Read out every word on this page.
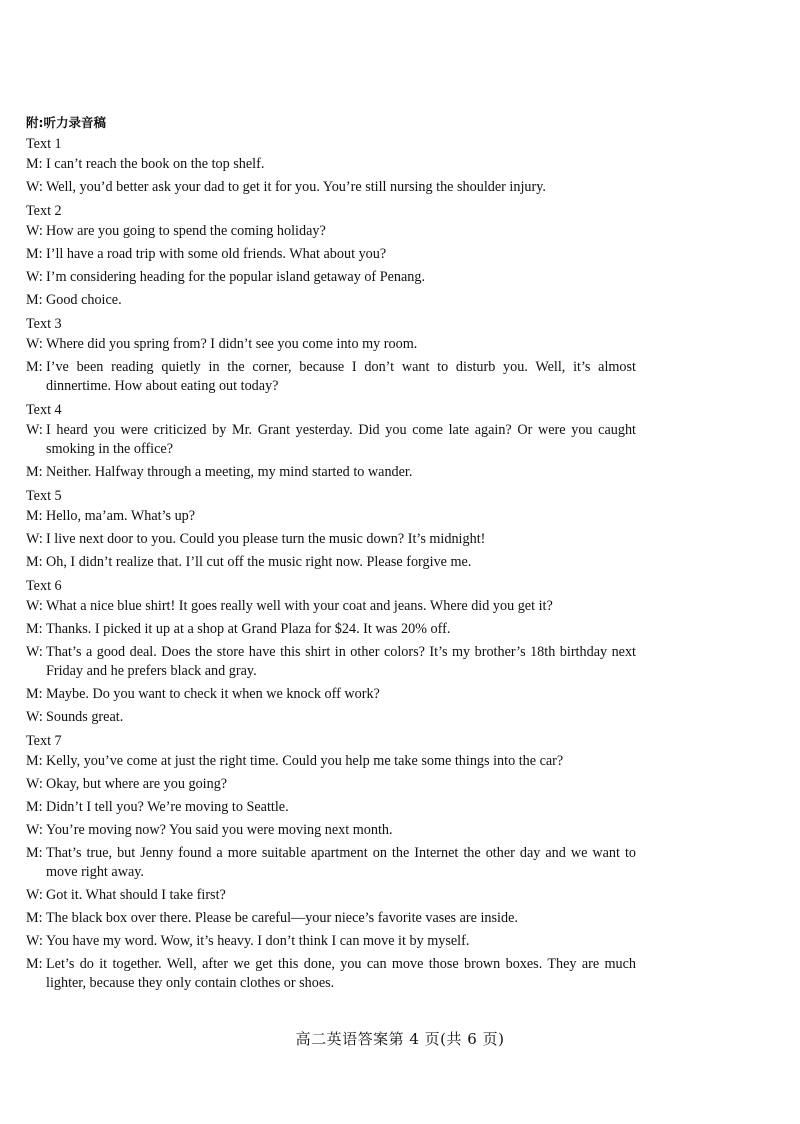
附:听力录音稿
Text 1
M: I can’t reach the book on the top shelf.
W: Well, you’d better ask your dad to get it for you. You’re still nursing the shoulder injury.
Text 2
W: How are you going to spend the coming holiday?
M: I’ll have a road trip with some old friends. What about you?
W: I’m considering heading for the popular island getaway of Penang.
M: Good choice.
Text 3
W: Where did you spring from? I didn’t see you come into my room.
M: I’ve been reading quietly in the corner, because I don’t want to disturb you. Well, it’s almost dinnertime. How about eating out today?
Text 4
W: I heard you were criticized by Mr. Grant yesterday. Did you come late again? Or were you caught smoking in the office?
M: Neither. Halfway through a meeting, my mind started to wander.
Text 5
M: Hello, ma’am. What’s up?
W: I live next door to you. Could you please turn the music down? It’s midnight!
M: Oh, I didn’t realize that. I’ll cut off the music right now. Please forgive me.
Text 6
W: What a nice blue shirt! It goes really well with your coat and jeans. Where did you get it?
M: Thanks. I picked it up at a shop at Grand Plaza for $24. It was 20% off.
W: That’s a good deal. Does the store have this shirt in other colors? It’s my brother’s 18th birthday next Friday and he prefers black and gray.
M: Maybe. Do you want to check it when we knock off work?
W: Sounds great.
Text 7
M: Kelly, you’ve come at just the right time. Could you help me take some things into the car?
W: Okay, but where are you going?
M: Didn’t I tell you? We’re moving to Seattle.
W: You’re moving now? You said you were moving next month.
M: That’s true, but Jenny found a more suitable apartment on the Internet the other day and we want to move right away.
W: Got it. What should I take first?
M: The black box over there. Please be careful—your niece’s favorite vases are inside.
W: You have my word. Wow, it’s heavy. I don’t think I can move it by myself.
M: Let’s do it together. Well, after we get this done, you can move those brown boxes. They are much lighter, because they only contain clothes or shoes.
高二英语答案第 4 页(共 6 页)
